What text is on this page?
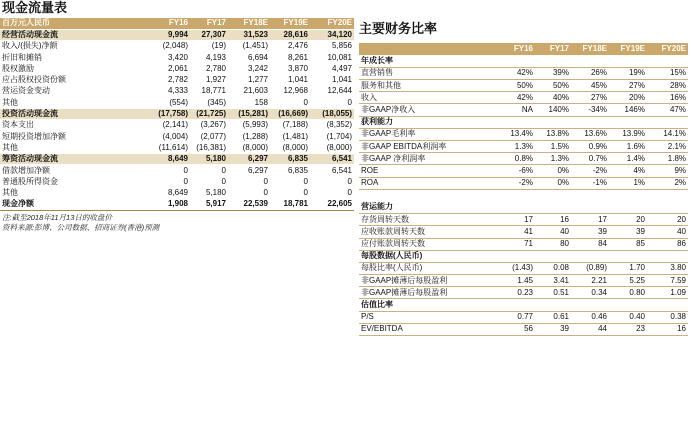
现金流量表
百万元人民币	FY16	FY17	FY18E	FY19E	FY20E
经营活动现金流	9,994	27,307	31,523	28,616	34,120
收入/(损失)净额	(2,048)	(19)	(1,451)	2,476	5,856
折旧和摊销	3,420	4,193	6,694	8,261	10,081
股权激励	2,061	2,780	3,242	3,870	4,497
应占股权投资份额	2,782	1,927	1,277	1,041	1,041
营运资金变动	4,333	18,771	21,603	12,968	12,644
其他	(554)	(345)	158	0	0
投资活动现金流	(17,758)	(21,725)	(15,281)	(16,669)	(18,055)
资本支出	(2,141)	(3,267)	(5,993)	(7,188)	(8,352)
短期投资增加净额	(4,004)	(2,077)	(1,288)	(1,481)	(1,704)
其他	(11,614)	(16,381)	(8,000)	(8,000)	(8,000)
筹资活动现金流	8,649	5,180	6,297	6,835	6,541
借款增加净额	0	0	6,297	6,835	6,541
普通股所得资金	0	0	0	0	0
其他	8,649	5,180	0	0	0
现金净额	1,908	5,917	22,539	18,781	22,605
注:截至2018年11月13日的收盘价
资料来源:彭博、公司数据、招商证券(香港)预测
主要财务比率
	FY16	FY17	FY18E	FY19E	FY20E
年成长率					
直营销售	42%	39%	26%	19%	15%
服务和其他	50%	50%	45%	27%	28%
收入	42%	40%	27%	20%	16%
非GAAP净收入	NA	140%	-34%	146%	47%
获利能力					
非GAAP毛利率	13.4%	13.8%	13.6%	13.9%	14.1%
非GAAP EBITDA利润率	1.3%	1.5%	0.9%	1.6%	2.1%
非GAAP 净利润率	0.8%	1.3%	0.7%	1.4%	1.8%
ROE	-6%	0%	-2%	4%	9%
ROA	-2%	0%	-1%	1%	2%

营运能力					
存货周转天数	17	16	17	20	20
应收账款周转天数	41	40	39	39	40
应付账款周转天数	71	80	84	85	86
每股数据(人民币)					
每股比率(人民币)	(1.43)	0.08	(0.89)	1.70	3.80
非GAAP摊薄后每股盈利	1.45	3.41	2.21	5.25	7.59
非GAAP摊薄后每股盈利	0.23	0.51	0.34	0.80	1.09
估值比率					
P/S	0.77	0.61	0.46	0.40	0.38
EV/EBITDA	56	39	44	23	16
